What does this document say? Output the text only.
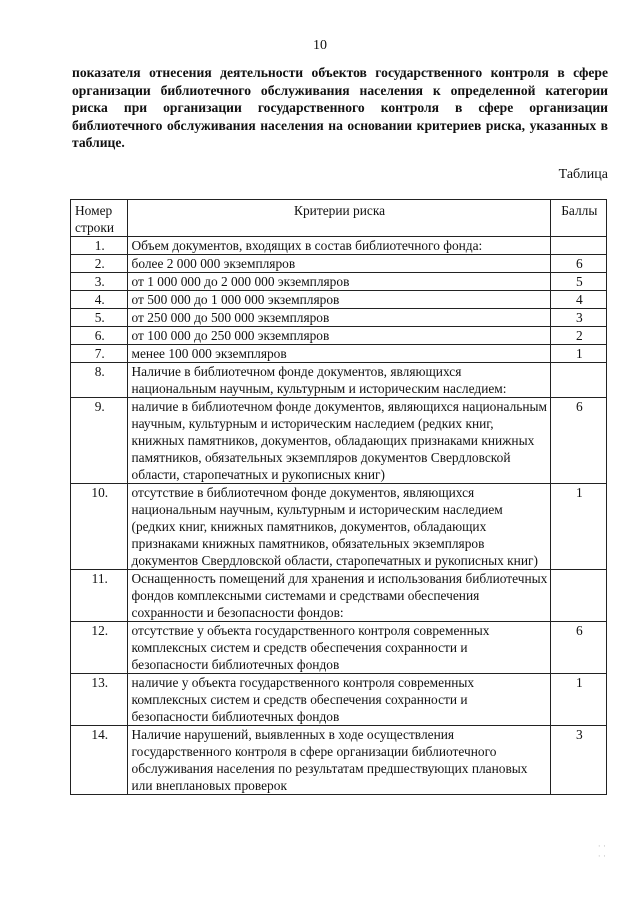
10
показателя отнесения деятельности объектов государственного контроля в сфере организации библиотечного обслуживания населения к определенной категории риска при организации государственного контроля в сфере организации библиотечного обслуживания населения на основании критериев риска, указанных в таблице.
Таблица
Номер строки	Критерии риска	Баллы
1.	Объем документов, входящих в состав библиотечного фонда:	
2.	более 2 000 000 экземпляров	6
3.	от 1 000 000 до 2 000 000 экземпляров	5
4.	от 500 000 до 1 000 000 экземпляров	4
5.	от 250 000 до 500 000 экземпляров	3
6.	от 100 000 до 250 000 экземпляров	2
7.	менее 100 000 экземпляров	1
8.	Наличие в библиотечном фонде документов, являющихся национальным научным, культурным и историческим наследием:	
9.	наличие в библиотечном фонде документов, являющихся национальным научным, культурным и историческим наследием (редких книг, книжных памятников, документов, обладающих признаками книжных памятников, обязательных экземпляров документов Свердловской области, старопечатных и рукописных книг)	6
10.	отсутствие в библиотечном фонде документов, являющихся национальным научным, культурным и историческим наследием (редких книг, книжных памятников, документов, обладающих признаками книжных памятников, обязательных экземпляров документов Свердловской области, старопечатных и рукописных книг)	1
11.	Оснащенность помещений для хранения и использования библиотечных фондов комплексными системами и средствами обеспечения сохранности и безопасности фондов:	
12.	отсутствие у объекта государственного контроля современных комплексных систем и средств обеспечения сохранности и безопасности библиотечных фондов	6
13.	наличие у объекта государственного контроля современных комплексных систем и средств обеспечения сохранности и безопасности библиотечных фондов	1
14.	Наличие нарушений, выявленных в ходе осуществления государственного контроля в сфере организации библиотечного обслуживания населения по результатам предшествующих плановых или внеплановых проверок	3
· ·
· ·
